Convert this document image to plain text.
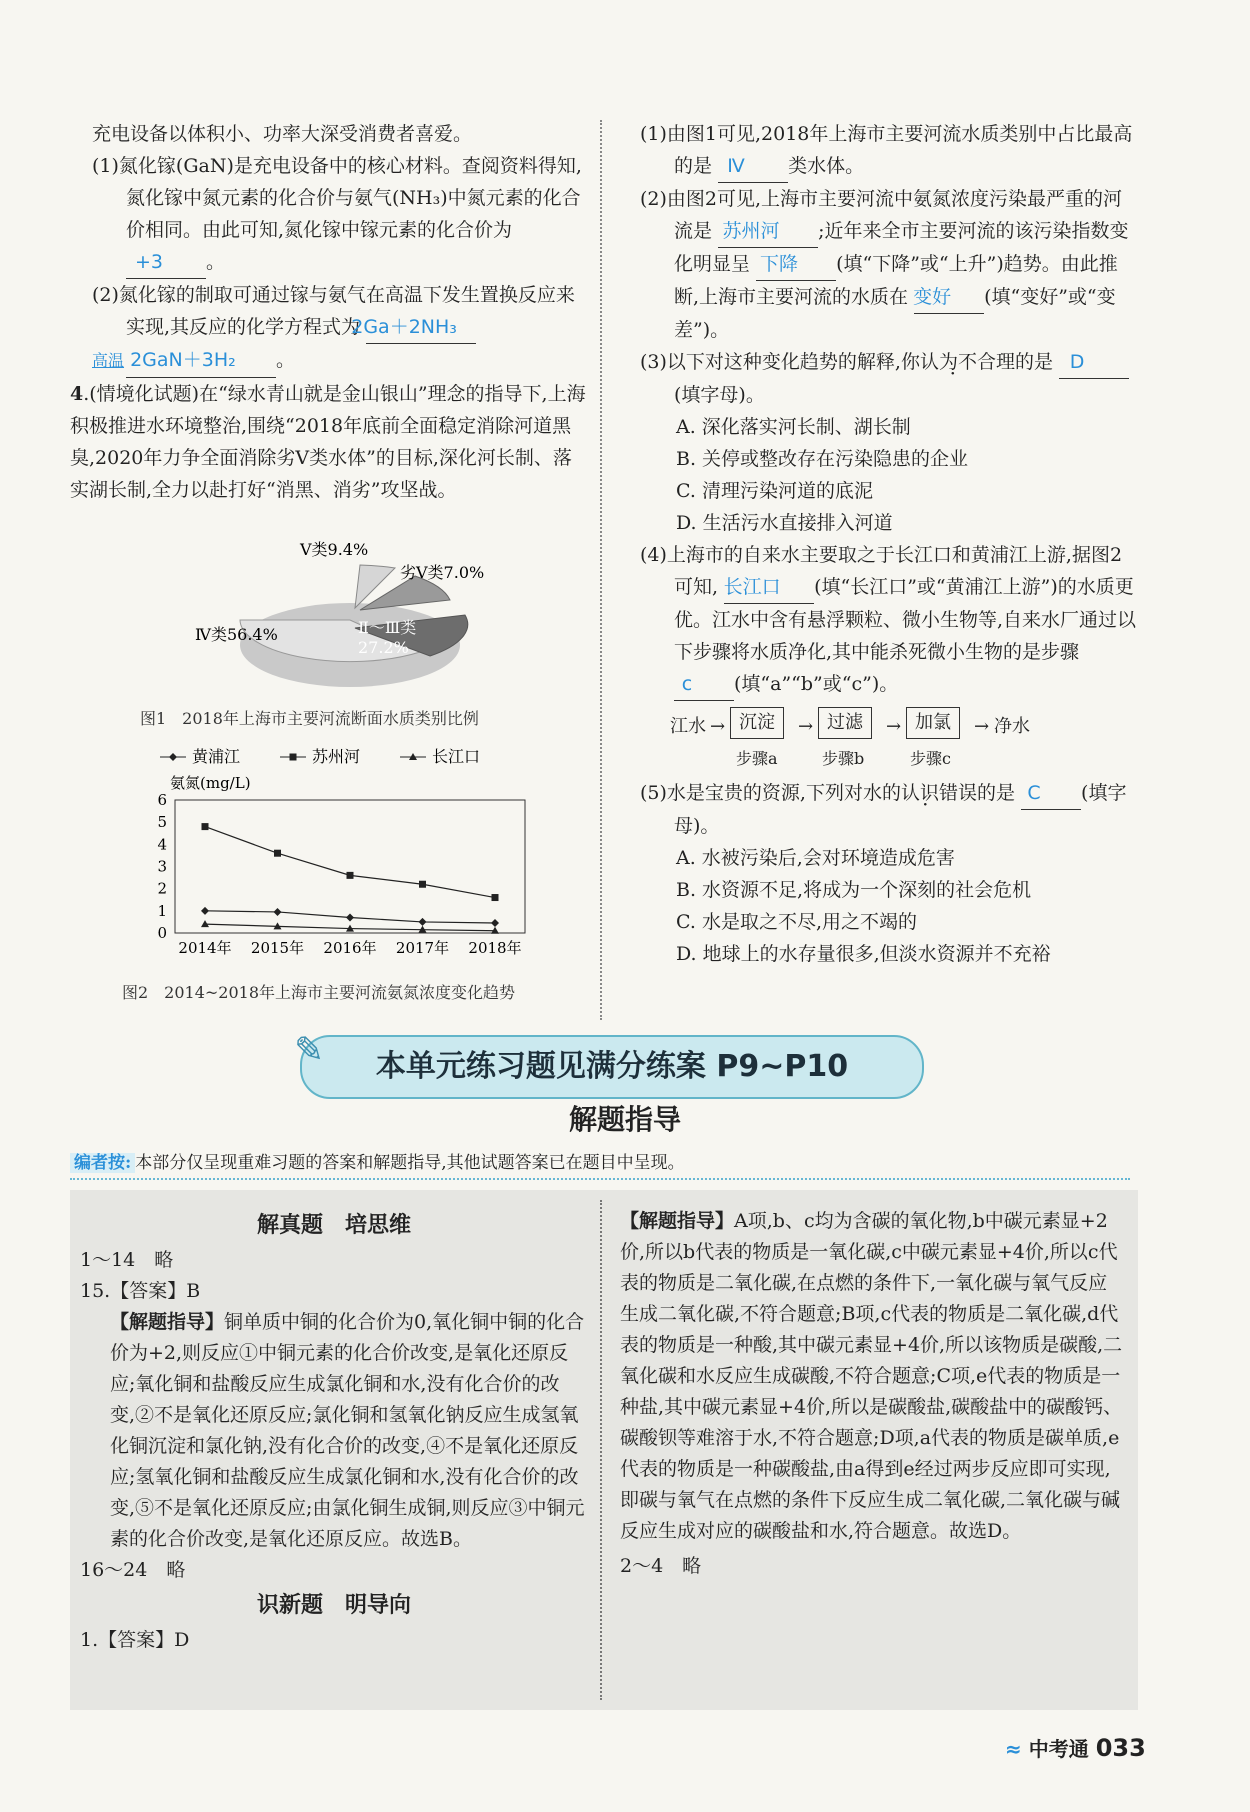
充电设备以体积小、功率大深受消费者喜爱。

(1)氮化镓(GaN)是充电设备中的核心材料。查阅资料得知,氮化镓中氮元素的化合价与氨气(NH₃)中氮元素的化合价相同。由此可知,氮化镓中镓元素的化合价为 +3 。

(2)氮化镓的制取可通过镓与氨气在高温下发生置换反应来实现,其反应的化学方程式为 2Ga＋2NH₃
高温 2GaN＋3H₂ 。

4.(情境化试题)在“绿水青山就是金山银山”理念的指导下,上海积极推进水环境整治,围绕“2018年底前全面稳定消除河道黑臭,2020年力争全面消除劣Ⅴ类水体”的目标,深化河长制、落实湖长制,全力以赴打好“消黑、消劣”攻坚战。

Ⅴ类9.4%
劣Ⅴ类7.0%
Ⅱ～Ⅲ类
27.2%
Ⅳ类56.4%
图1　2018年上海市主要河流断面水质类别比例
黄浦江	苏州河	长江口
氨氮(mg/L)
0
1
2
3
4
5
6
2014年 2015年 2016年 2017年 2018年
图2　2014~2018年上海市主要河流氨氮浓度变化趋势

(1)由图1可见,2018年上海市主要河流水质类别中占比最高的是 Ⅳ 类水体。

(2)由图2可见,上海市主要河流中氨氮浓度污染最严重的河流是 苏州河 ;近年来全市主要河流的该污染指数变化明显呈 下降 (填“下降”或“上升”)趋势。由此推断,上海市主要河流的水质在 变好 (填“变好”或“变差”)。

(3)以下对这种变化趋势的解释,你认为不合理的是 D(填字母)。

A. 深化落实河长制、湖长制

B. 关停或整改存在污染隐患的企业

C. 清理污染河道的底泥

D. 生活污水直接排入河道

(4)上海市的自来水主要取之于长江口和黄浦江上游,据图2可知, 长江口 (填“长江口”或“黄浦江上游”)的水质更优。江水中含有悬浮颗粒、微小生物等,自来水厂通过以下步骤将水质净化,其中能杀死微小生物的是步骤 c (填“a”“b”或“c”)。

江水 → 沉淀	→ 过滤	→ 加氯	→ 净水
步骤a	步骤b	步骤c

(5)水是宝贵的资源,下列对水的认识错误的是 C (填字母)。

A. 水被污染后,会对环境造成危害

B. 水资源不足,将成为一个深刻的社会危机

C. 水是取之不尽,用之不竭的

D. 地球上的水存量很多,但淡水资源并不充裕

✎ 本单元练习题见满分练案 P9~P10
解题指导
编者按: 本部分仅呈现重难习题的答案和解题指导,其他试题答案已在题目中呈现。
解真题　培思维
1～14　略
15.【答案】B
【解题指导】铜单质中铜的化合价为0,氧化铜中铜的化合价为+2,则反应①中铜元素的化合价改变,是氧化还原反应;氧化铜和盐酸反应生成氯化铜和水,没有化合价的改变,②不是氧化还原反应;氯化铜和氢氧化钠反应生成氢氧化铜沉淀和氯化钠,没有化合价的改变,④不是氧化还原反应;氢氧化铜和盐酸反应生成氯化铜和水,没有化合价的改变,⑤不是氧化还原反应;由氯化铜生成铜,则反应③中铜元素的化合价改变,是氧化还原反应。故选B。
16～24　略
识新题　明导向
1.【答案】D
【解题指导】A项,b、c均为含碳的氧化物,b中碳元素显+2价,所以b代表的物质是一氧化碳,c中碳元素显+4价,所以c代表的物质是二氧化碳,在点燃的条件下,一氧化碳与氧气反应生成二氧化碳,不符合题意;B项,c代表的物质是二氧化碳,d代表的物质是一种酸,其中碳元素显+4价,所以该物质是碳酸,二氧化碳和水反应生成碳酸,不符合题意;C项,e代表的物质是一种盐,其中碳元素显+4价,所以是碳酸盐,碳酸盐中的碳酸钙、碳酸钡等难溶于水,不符合题意;D项,a代表的物质是碳单质,e代表的物质是一种碳酸盐,由a得到e经过两步反应即可实现,即碳与氧气在点燃的条件下反应生成二氧化碳,二氧化碳与碱反应生成对应的碳酸盐和水,符合题意。故选D。
2～4　略
≈ 中考通 033
